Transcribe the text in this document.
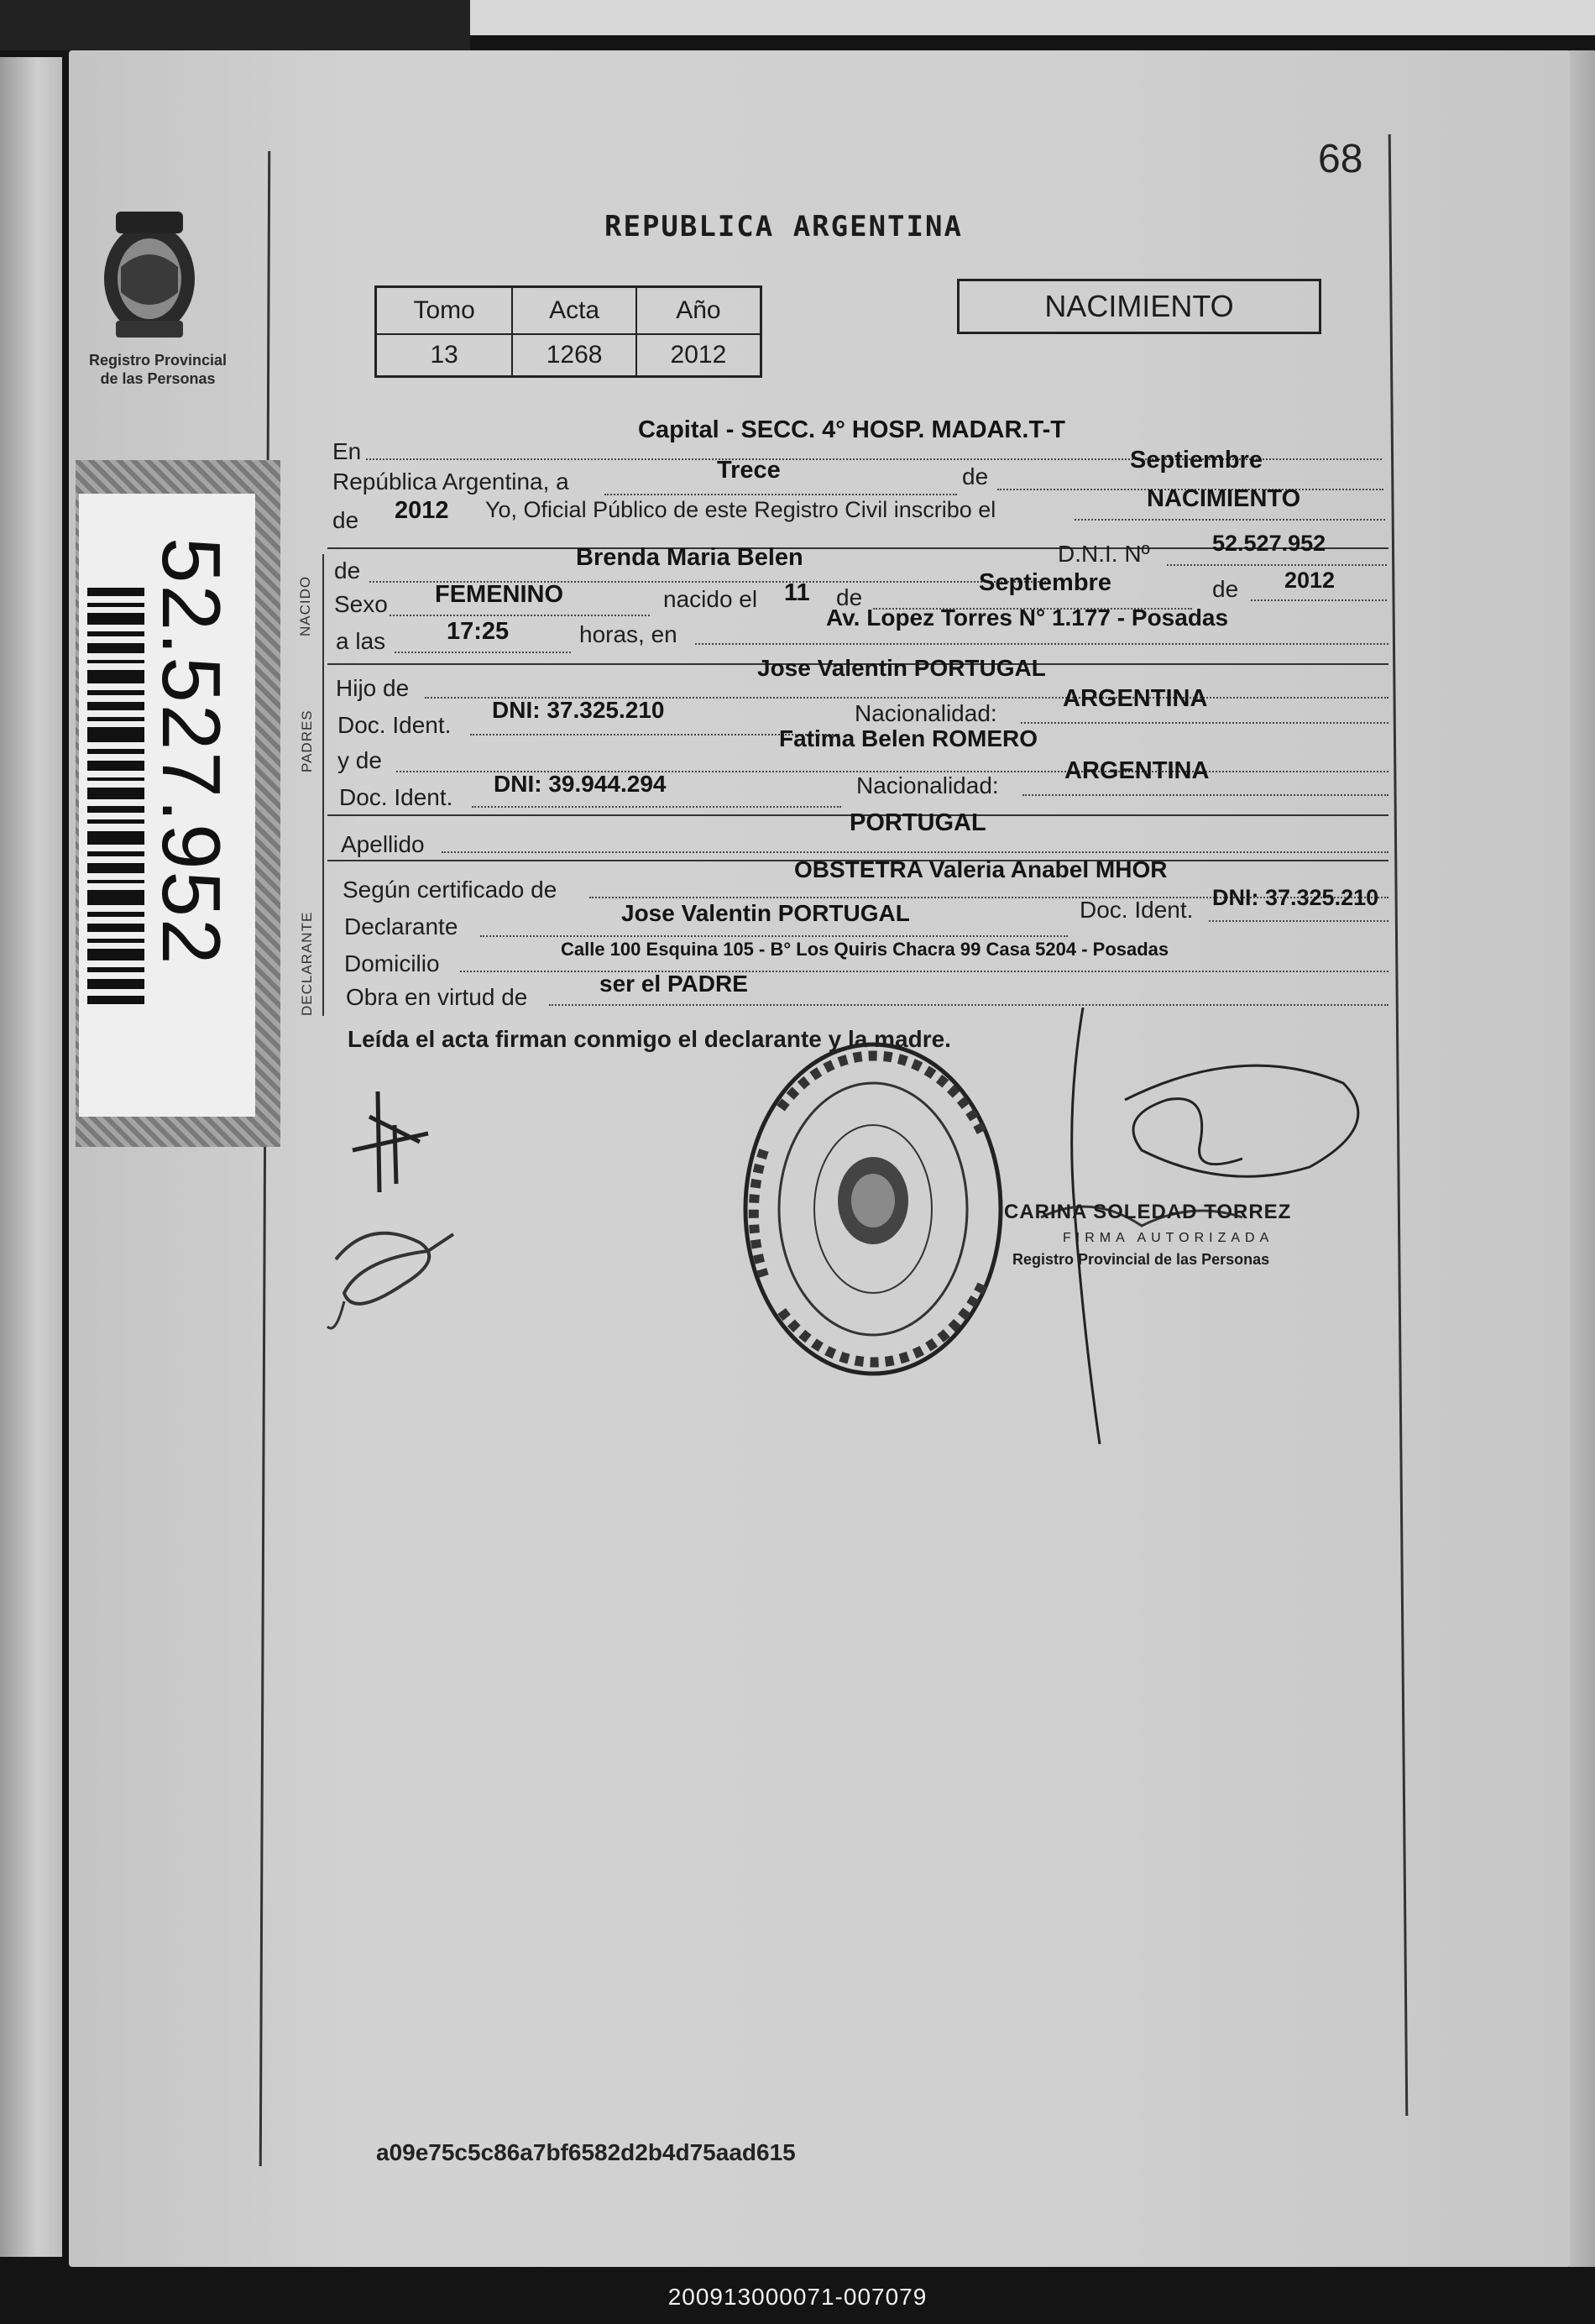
Registro Provincial
de las Personas
52.527.952
68
REPUBLICA ARGENTINA
Tomo	Acta	Año
13	1268	2012
NACIMIENTO
En
Capital - SECC. 4° HOSP. MADAR.T-T
República Argentina, a	Trece	de
Septiembre
de 2012 Yo, Oficial Público de este Registro Civil inscribo el	NACIMIENTO
NACIDO
de	Brenda Maria Belen	D.N.I. Nº	52.527.952
Sexo FEMENINO	nacido el 11 de
Septiembre	de 2012
a las	17:25	horas, en
Av. Lopez Torres N° 1.177 - Posadas
PADRES
Hijo de
Jose Valentin PORTUGAL
Doc. Ident.
DNI: 37.325.210	Nacionalidad:
ARGENTINA
y de
Fatima Belen ROMERO
Doc. Ident.
DNI: 39.944.294	Nacionalidad:
ARGENTINA
Apellido
PORTUGAL
DECLARANTE
Según certificado de
OBSTETRA Valeria Anabel MHOR
Declarante
Jose Valentin PORTUGAL	Doc. Ident. DNI: 37.325.210
Domicilio
Calle 100 Esquina 105 - B° Los Quiris Chacra 99 Casa 5204 - Posadas
Obra en virtud de
ser el PADRE
Leída el acta firman conmigo el declarante y la madre.
CARINA SOLEDAD TORREZ
FIRMA AUTORIZADA
Registro Provincial de las Personas
a09e75c5c86a7bf6582d2b4d75aad615
200913000071-007079
